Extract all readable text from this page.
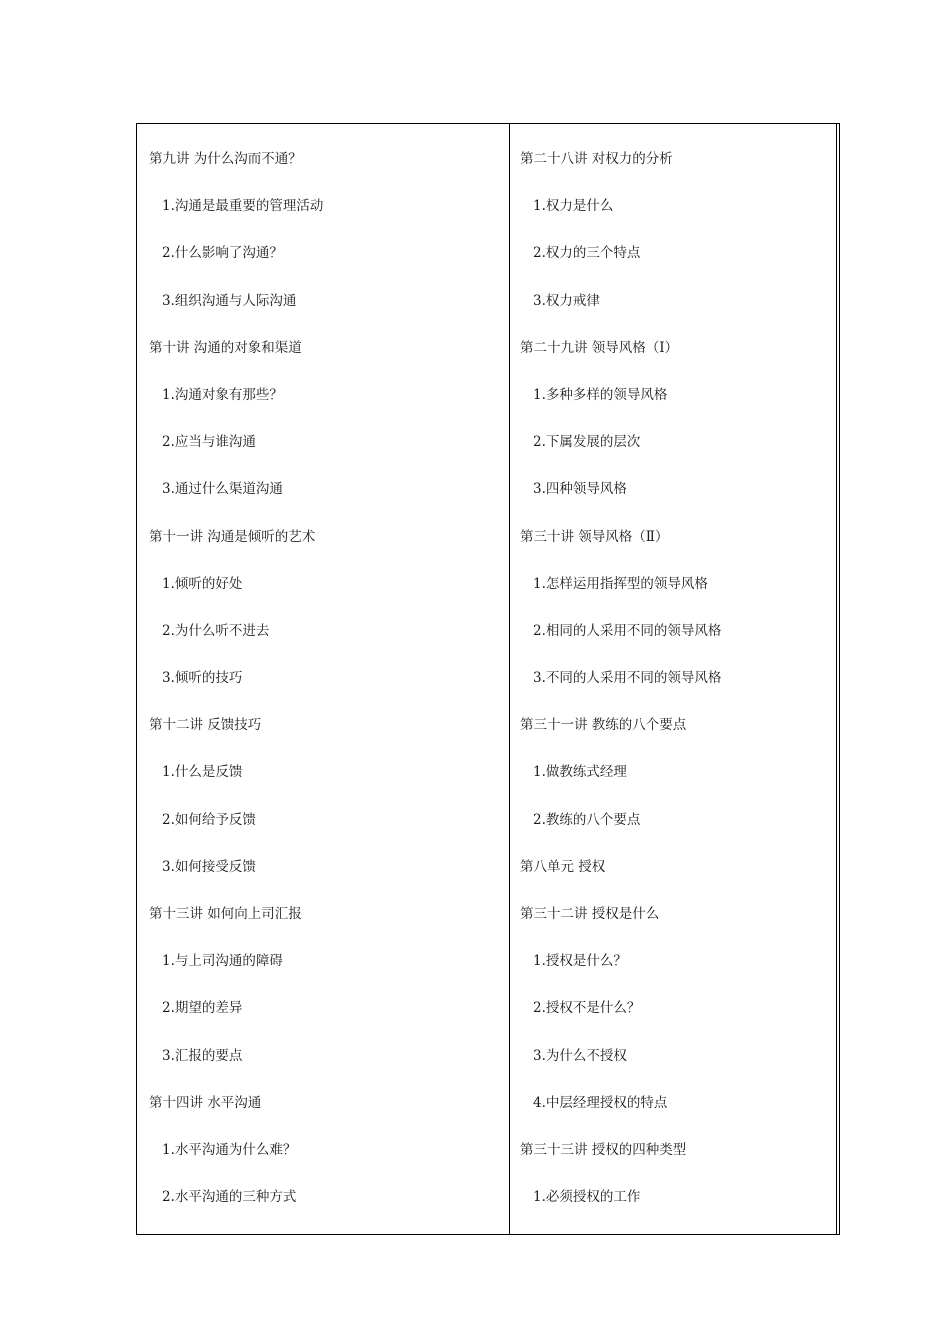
第九讲 为什么沟而不通？
1.沟通是最重要的管理活动
2.什么影响了沟通？
3.组织沟通与人际沟通
第十讲 沟通的对象和渠道
1.沟通对象有那些？
2.应当与谁沟通
3.通过什么渠道沟通
第十一讲 沟通是倾听的艺术
1.倾听的好处
2.为什么听不进去
3.倾听的技巧
第十二讲 反馈技巧
1.什么是反馈
2.如何给予反馈
3.如何接受反馈
第十三讲 如何向上司汇报
1.与上司沟通的障碍
2.期望的差异
3.汇报的要点
第十四讲 水平沟通
1.水平沟通为什么难？
2.水平沟通的三种方式
第二十八讲 对权力的分析
1.权力是什么
2.权力的三个特点
3.权力戒律
第二十九讲 领导风格（Ⅰ）
1.多种多样的领导风格
2.下属发展的层次
3.四种领导风格
第三十讲 领导风格（Ⅱ）
1.怎样运用指挥型的领导风格
2.相同的人采用不同的领导风格
3.不同的人采用不同的领导风格
第三十一讲 教练的八个要点
1.做教练式经理
2.教练的八个要点
第八单元 授权
第三十二讲 授权是什么
1.授权是什么？
2.授权不是什么？
3.为什么不授权
4.中层经理授权的特点
第三十三讲 授权的四种类型
1.必须授权的工作
